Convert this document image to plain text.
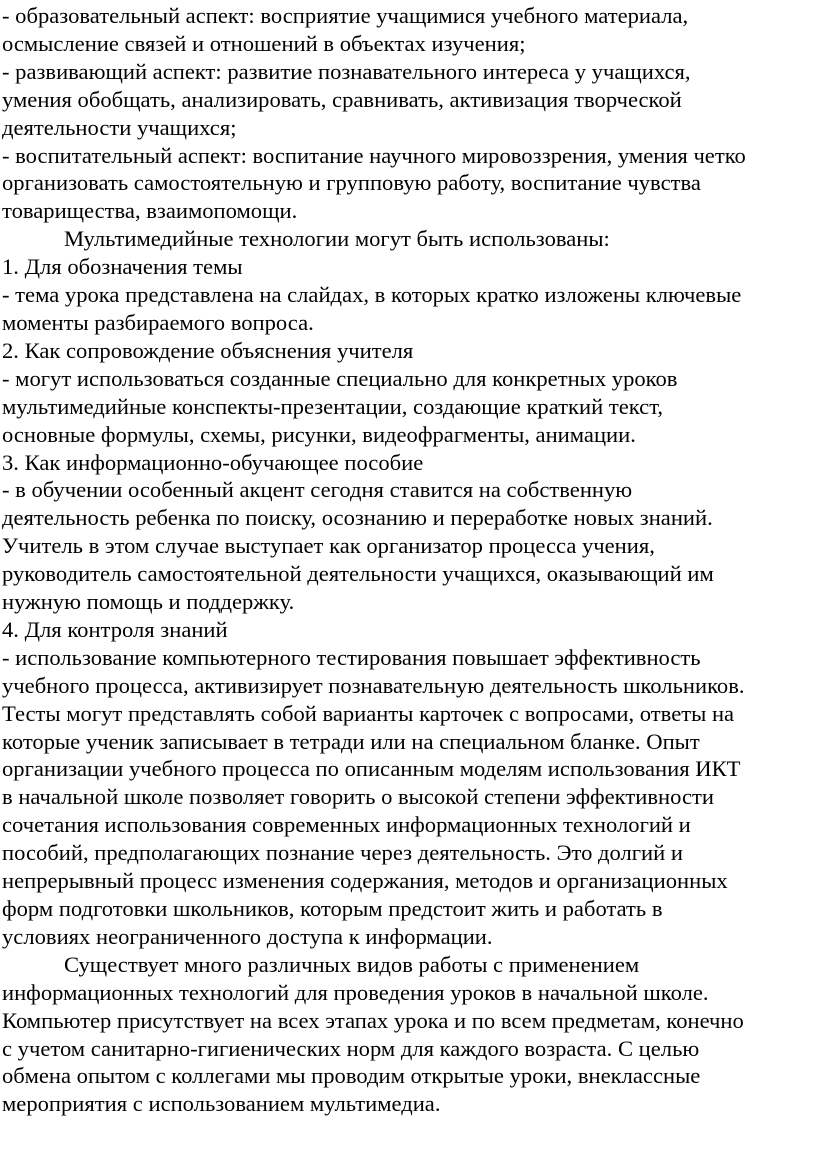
- образовательный аспект: восприятие учащимися учебного материала,
осмысление связей и отношений в объектах изучения;
- развивающий аспект: развитие познавательного интереса у учащихся,
умения обобщать, анализировать, сравнивать, активизация творческой
деятельности учащихся;
- воспитательный аспект: воспитание научного мировоззрения, умения четко
организовать самостоятельную и групповую работу, воспитание чувства
товарищества, взаимопомощи.
Мультимедийные технологии могут быть использованы:
1. Для обозначения темы
- тема урока представлена на слайдах, в которых кратко изложены ключевые
моменты разбираемого вопроса.
2. Как сопровождение объяснения учителя
- могут использоваться созданные специально для конкретных уроков
мультимедийные конспекты-презентации, создающие краткий текст,
основные формулы, схемы, рисунки, видеофрагменты, анимации.
3. Как информационно-обучающее пособие
- в обучении особенный акцент сегодня ставится на собственную
деятельность ребенка по поиску, осознанию и переработке новых знаний.
Учитель в этом случае выступает как организатор процесса учения,
руководитель самостоятельной деятельности учащихся, оказывающий им
нужную помощь и поддержку.
4. Для контроля знаний
- использование компьютерного тестирования повышает эффективность
учебного процесса, активизирует познавательную деятельность школьников.
Тесты могут представлять собой варианты карточек с вопросами, ответы на
которые ученик записывает в тетради или на специальном бланке. Опыт
организации учебного процесса по описанным моделям использования ИКТ
в начальной школе позволяет говорить о высокой степени эффективности
сочетания использования современных информационных технологий и
пособий, предполагающих познание через деятельность. Это долгий и
непрерывный процесс изменения содержания, методов и организационных
форм подготовки школьников, которым предстоит жить и работать в
условиях неограниченного доступа к информации.
Существует много различных видов работы с применением
информационных технологий для проведения уроков в начальной школе.
Компьютер присутствует на всех этапах урока и по всем предметам, конечно
с учетом санитарно-гигиенических норм для каждого возраста. С целью
обмена опытом с коллегами мы проводим открытые уроки, внеклассные
мероприятия с использованием мультимедиа.
